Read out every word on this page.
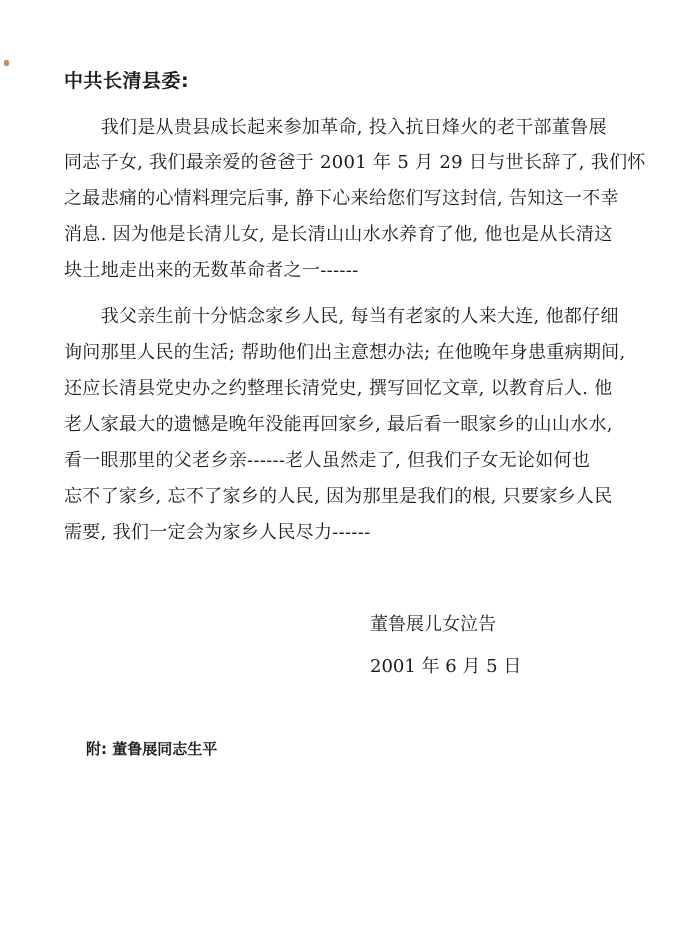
中共长清县委:
　　我们是从贵县成长起来参加革命, 投入抗日烽火的老干部董鲁展
同志子女, 我们最亲爱的爸爸于 2001 年 5 月 29 日与世长辞了, 我们怀
之最悲痛的心情料理完后事, 静下心来给您们写这封信, 告知这一不幸
消息. 因为他是长清儿女, 是长清山山水水养育了他, 他也是从长清这
块土地走出来的无数革命者之一------
　　我父亲生前十分惦念家乡人民, 每当有老家的人来大连, 他都仔细
询问那里人民的生活; 帮助他们出主意想办法; 在他晚年身患重病期间,
还应长清县党史办之约整理长清党史, 撰写回忆文章, 以教育后人. 他
老人家最大的遗憾是晚年没能再回家乡, 最后看一眼家乡的山山水水,
看一眼那里的父老乡亲------老人虽然走了, 但我们子女无论如何也
忘不了家乡, 忘不了家乡的人民, 因为那里是我们的根, 只要家乡人民
需要, 我们一定会为家乡人民尽力------
董鲁展儿女泣告
2001 年 6 月 5 日
附: 董鲁展同志生平
